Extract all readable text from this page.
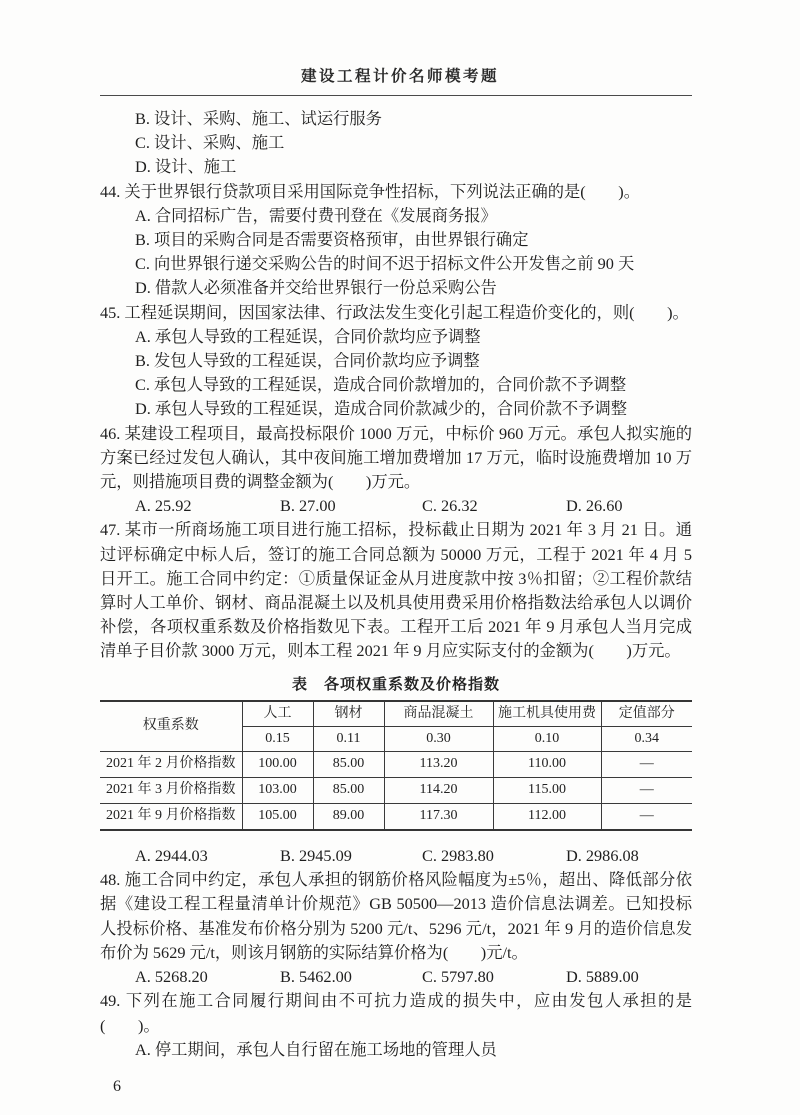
建设工程计价名师模考题

B. 设计、采购、施工、试运行服务

C. 设计、采购、施工

D. 设计、施工

44. 关于世界银行贷款项目采用国际竞争性招标，下列说法正确的是(　　)。

A. 合同招标广告，需要付费刊登在《发展商务报》

B. 项目的采购合同是否需要资格预审，由世界银行确定

C. 向世界银行递交采购公告的时间不迟于招标文件公开发售之前 90 天

D. 借款人必须准备并交给世界银行一份总采购公告

45. 工程延误期间，因国家法律、行政法发生变化引起工程造价变化的，则(　　)。

A. 承包人导致的工程延误，合同价款均应予调整

B. 发包人导致的工程延误，合同价款均应予调整

C. 承包人导致的工程延误，造成合同价款增加的，合同价款不予调整

D. 承包人导致的工程延误，造成合同价款减少的，合同价款不予调整

46. 某建设工程项目，最高投标限价 1000 万元，中标价 960 万元。承包人拟实施的方案已经过发包人确认，其中夜间施工增加费增加 17 万元，临时设施费增加 10 万元，则措施项目费的调整金额为(　　)万元。

A. 25.92	B. 27.00	C. 26.32	D. 26.60

47. 某市一所商场施工项目进行施工招标，投标截止日期为 2021 年 3 月 21 日。通过评标确定中标人后，签订的施工合同总额为 50000 万元，工程于 2021 年 4 月 5 日开工。施工合同中约定：①质量保证金从月进度款中按 3％扣留；②工程价款结算时人工单价、钢材、商品混凝土以及机具使用费采用价格指数法给承包人以调价补偿，各项权重系数及价格指数见下表。工程开工后 2021 年 9 月承包人当月完成清单子目价款 3000 万元，则本工程 2021 年 9 月应实际支付的金额为(　　)万元。

表　各项权重系数及价格指数
权重系数	人工	钢材	商品混凝土	施工机具使用费	定值部分
	0.15	0.11	0.30	0.10	0.34
2021 年 2 月价格指数	100.00	85.00	113.20	110.00	—
2021 年 3 月价格指数	103.00	85.00	114.20	115.00	—
2021 年 9 月价格指数	105.00	89.00	117.30	112.00	—
A. 2944.03	B. 2945.09	C. 2983.80	D. 2986.08

48. 施工合同中约定，承包人承担的钢筋价格风险幅度为±5％，超出、降低部分依据《建设工程工程量清单计价规范》GB 50500—2013 造价信息法调差。已知投标人投标价格、基准发布价格分别为 5200 元/t、5296 元/t，2021 年 9 月的造价信息发布价为 5629 元/t，则该月钢筋的实际结算价格为(　　)元/t。

A. 5268.20	B. 5462.00	C. 5797.80	D. 5889.00

49. 下列在施工合同履行期间由不可抗力造成的损失中，应由发包人承担的是(　　)。

A. 停工期间，承包人自行留在施工场地的管理人员

6
